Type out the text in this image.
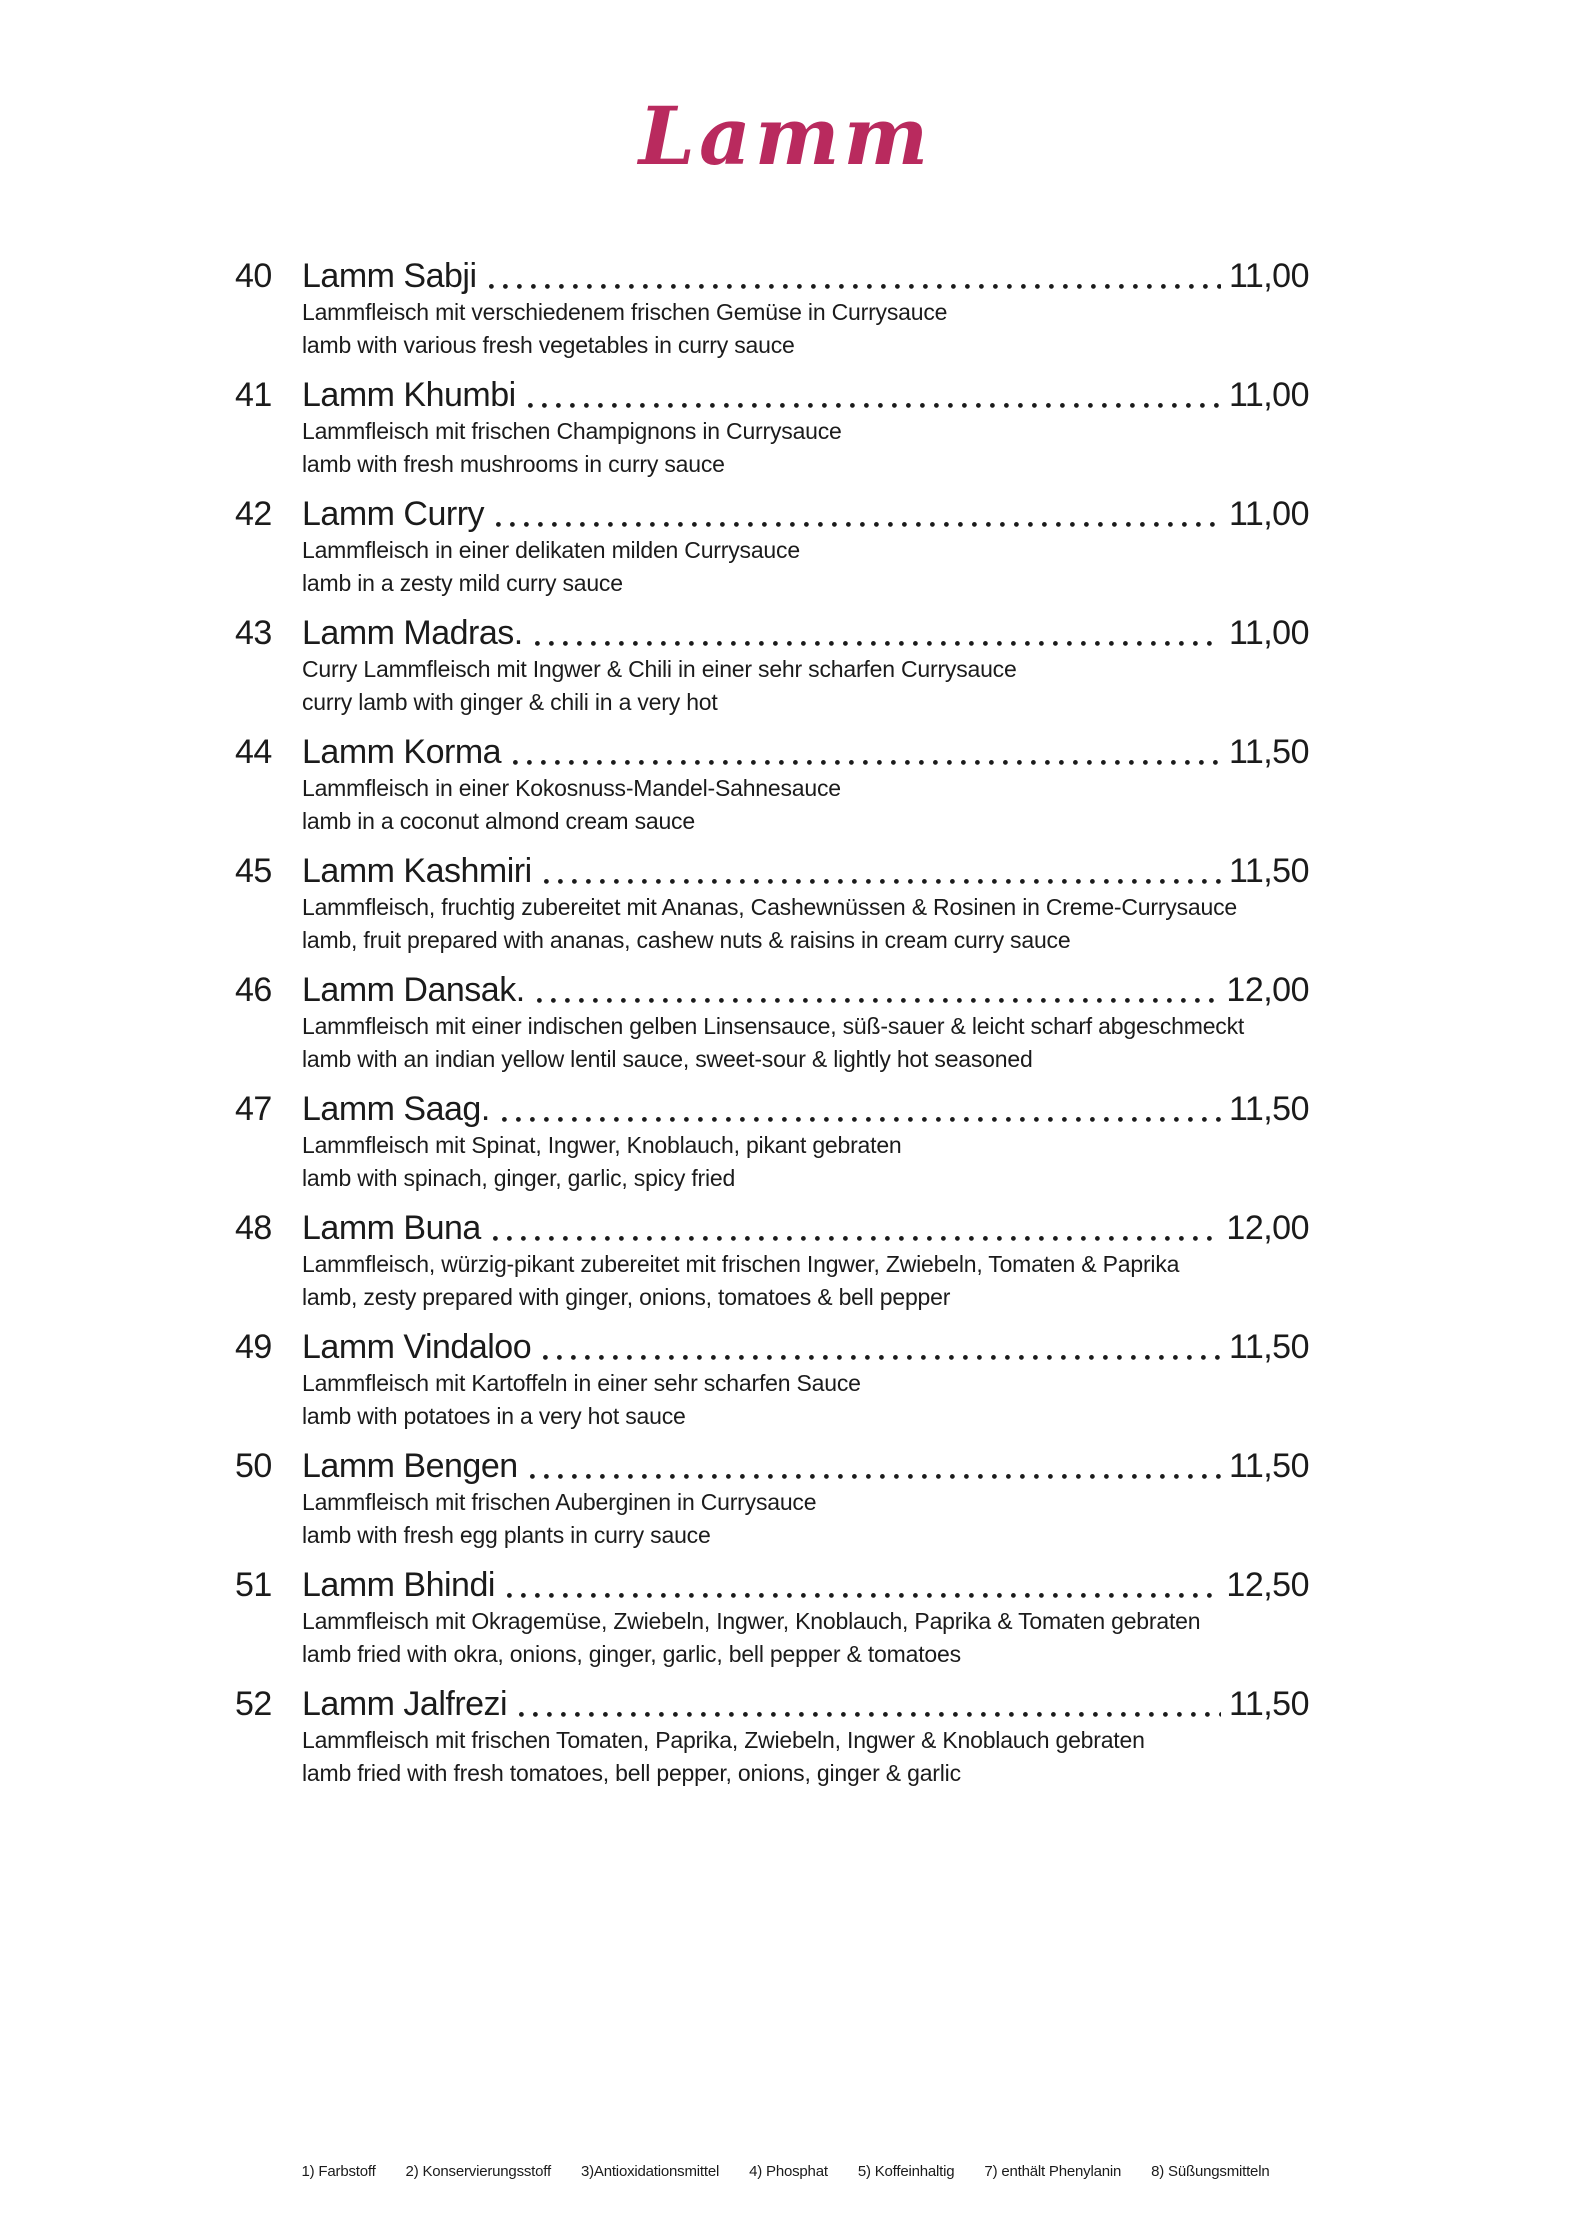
Lamm
40 Lamm Sabji	11,00
Lammfleisch mit verschiedenem frischen Gemüse in Currysauce
lamb with various fresh vegetables in curry sauce
41 Lamm Khumbi	11,00
Lammfleisch mit frischen Champignons in Currysauce
lamb with fresh mushrooms in curry sauce
42 Lamm Curry	11,00
Lammfleisch in einer delikaten milden Currysauce
lamb in a zesty mild curry sauce
43 Lamm Madras.	11,00
Curry Lammfleisch mit Ingwer & Chili in einer sehr scharfen Currysauce
curry lamb with ginger & chili in a very hot
44 Lamm Korma	11,50
Lammfleisch in einer Kokosnuss-Mandel-Sahnesauce
lamb in a coconut almond cream sauce
45 Lamm Kashmiri	11,50
Lammfleisch, fruchtig zubereitet mit Ananas, Cashewnüssen & Rosinen in Creme-Currysauce
lamb, fruit prepared with ananas, cashew nuts & raisins in cream curry sauce
46 Lamm Dansak.	12,00
Lammfleisch mit einer indischen gelben Linsensauce, süß-sauer & leicht scharf abgeschmeckt
lamb with an indian yellow lentil sauce, sweet-sour & lightly hot seasoned
47 Lamm Saag.	11,50
Lammfleisch mit Spinat, Ingwer, Knoblauch, pikant gebraten
lamb with spinach, ginger, garlic, spicy fried
48 Lamm Buna	12,00
Lammfleisch, würzig-pikant zubereitet mit frischen Ingwer, Zwiebeln, Tomaten & Paprika
lamb, zesty prepared with ginger, onions, tomatoes & bell pepper
49 Lamm Vindaloo	11,50
Lammfleisch mit Kartoffeln in einer sehr scharfen Sauce
lamb with potatoes in a very hot sauce
50 Lamm Bengen	11,50
Lammfleisch mit frischen Auberginen in Currysauce
lamb with fresh egg plants in curry sauce
51 Lamm Bhindi	12,50
Lammfleisch mit Okragemüse, Zwiebeln, Ingwer, Knoblauch, Paprika & Tomaten gebraten
lamb fried with okra, onions, ginger, garlic, bell pepper & tomatoes
52 Lamm Jalfrezi	11,50
Lammfleisch mit frischen Tomaten, Paprika, Zwiebeln, Ingwer & Knoblauch gebraten
lamb fried with fresh tomatoes, bell pepper, onions, ginger & garlic
1) Farbstoff 2) Konservierungsstoff 3)Antioxidationsmittel 4) Phosphat 5) Koffeinhaltig 7) enthält Phenylanin 8) Süßungsmitteln
